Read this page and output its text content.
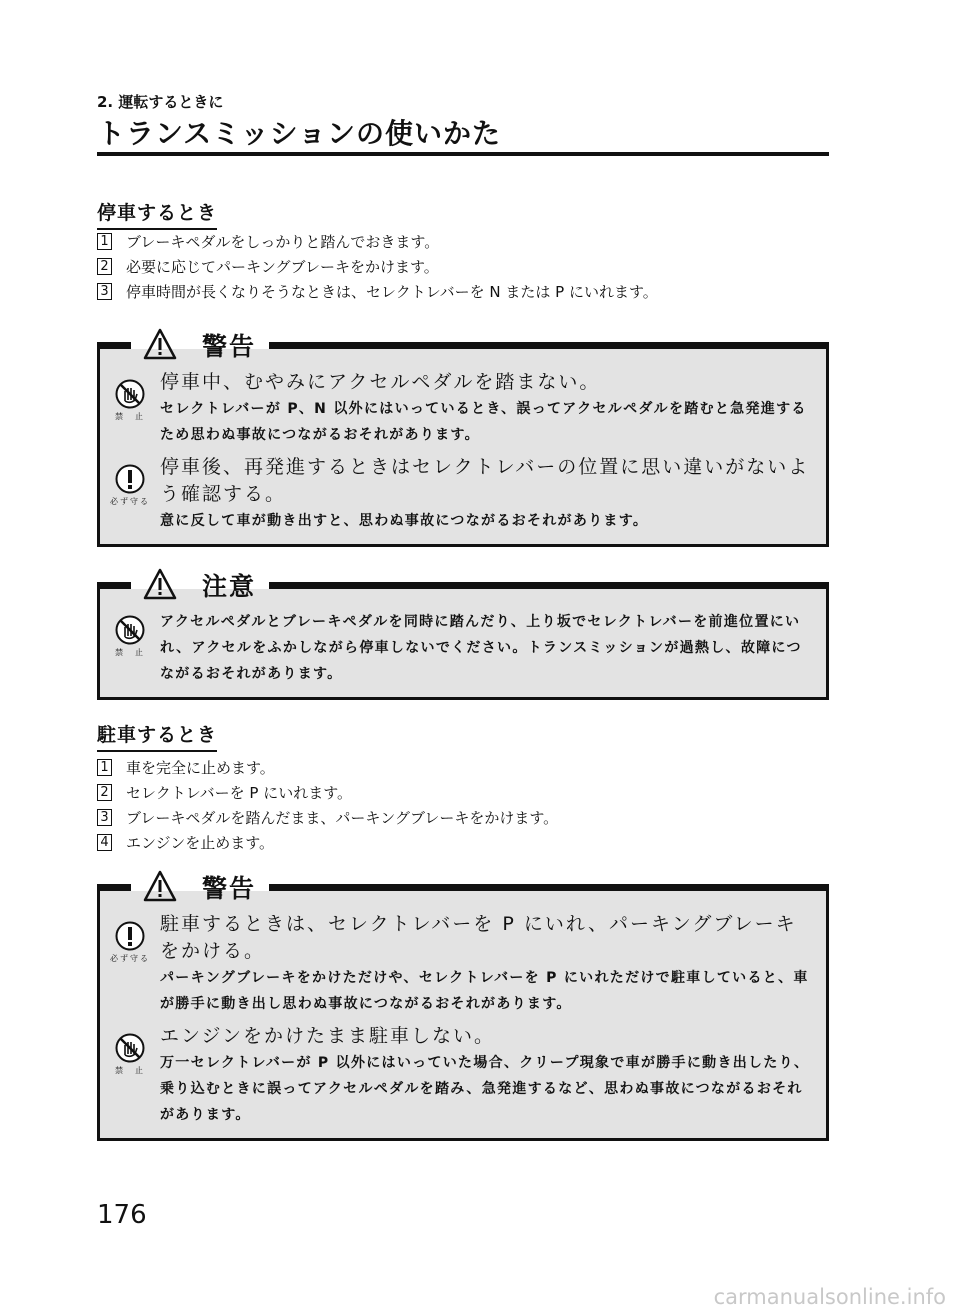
2. 運転するときに
トランスミッションの使いかた
停車するとき
1 ブレーキペダルをしっかりと踏んでおきます。
2 必要に応じてパーキングブレーキをかけます。
3 停車時間が長くなりそうなときは、セレクトレバーを N または P にいれます。
警告
禁　止
停車中、むやみにアクセルペダルを踏まない。
セレクトレバーが P、N 以外にはいっているとき、誤ってアクセルペダルを踏むと急発進するため思わぬ事故につながるおそれがあります。
必ず守る
停車後、再発進するときはセレクトレバーの位置に思い違いがないよう確認する。
意に反して車が動き出すと、思わぬ事故につながるおそれがあります。
注意
禁　止
アクセルペダルとブレーキペダルを同時に踏んだり、上り坂でセレクトレバーを前進位置にいれ、アクセルをふかしながら停車しないでください。トランスミッションが過熱し、故障につながるおそれがあります。
駐車するとき
1 車を完全に止めます。
2 セレクトレバーを P にいれます。
3 ブレーキペダルを踏んだまま、パーキングブレーキをかけます。
4 エンジンを止めます。
警告
必ず守る
駐車するときは、セレクトレバーを P にいれ、パーキングブレーキをかける。
パーキングブレーキをかけただけや、セレクトレバーを P にいれただけで駐車していると、車が勝手に動き出し思わぬ事故につながるおそれがあります。
禁　止
エンジンをかけたまま駐車しない。
万一セレクトレバーが P 以外にはいっていた場合、クリープ現象で車が勝手に動き出したり、乗り込むときに誤ってアクセルペダルを踏み、急発進するなど、思わぬ事故につながるおそれがあります。
176
carmanualsonline.info
